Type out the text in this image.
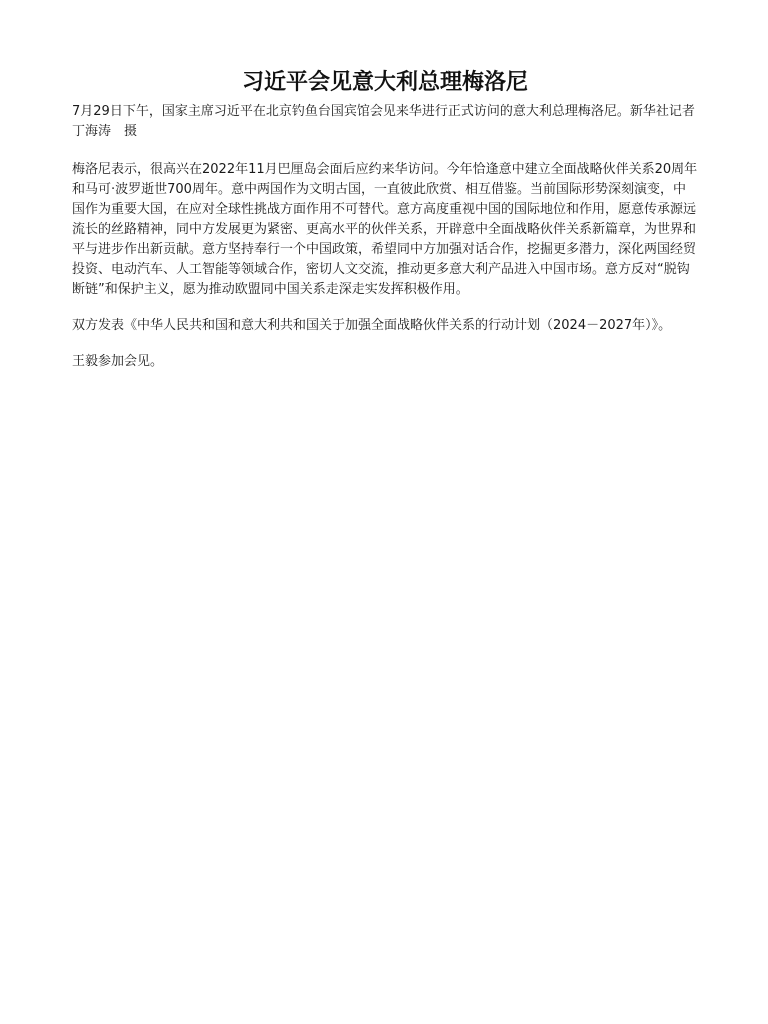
习近平会见意大利总理梅洛尼

7月29日下午，国家主席习近平在北京钓鱼台国宾馆会见来华进行正式访问的意大利总理梅洛尼。新华社记者　丁海涛　摄

梅洛尼表示，很高兴在2022年11月巴厘岛会面后应约来华访问。今年恰逢意中建立全面战略伙伴关系20周年和马可·波罗逝世700周年。意中两国作为文明古国，一直彼此欣赏、相互借鉴。当前国际形势深刻演变，中国作为重要大国，在应对全球性挑战方面作用不可替代。意方高度重视中国的国际地位和作用，愿意传承源远流长的丝路精神，同中方发展更为紧密、更高水平的伙伴关系，开辟意中全面战略伙伴关系新篇章，为世界和平与进步作出新贡献。意方坚持奉行一个中国政策，希望同中方加强对话合作，挖掘更多潜力，深化两国经贸投资、电动汽车、人工智能等领域合作，密切人文交流，推动更多意大利产品进入中国市场。意方反对“脱钩断链”和保护主义，愿为推动欧盟同中国关系走深走实发挥积极作用。

双方发表《中华人民共和国和意大利共和国关于加强全面战略伙伴关系的行动计划（2024－2027年）》。

王毅参加会见。
